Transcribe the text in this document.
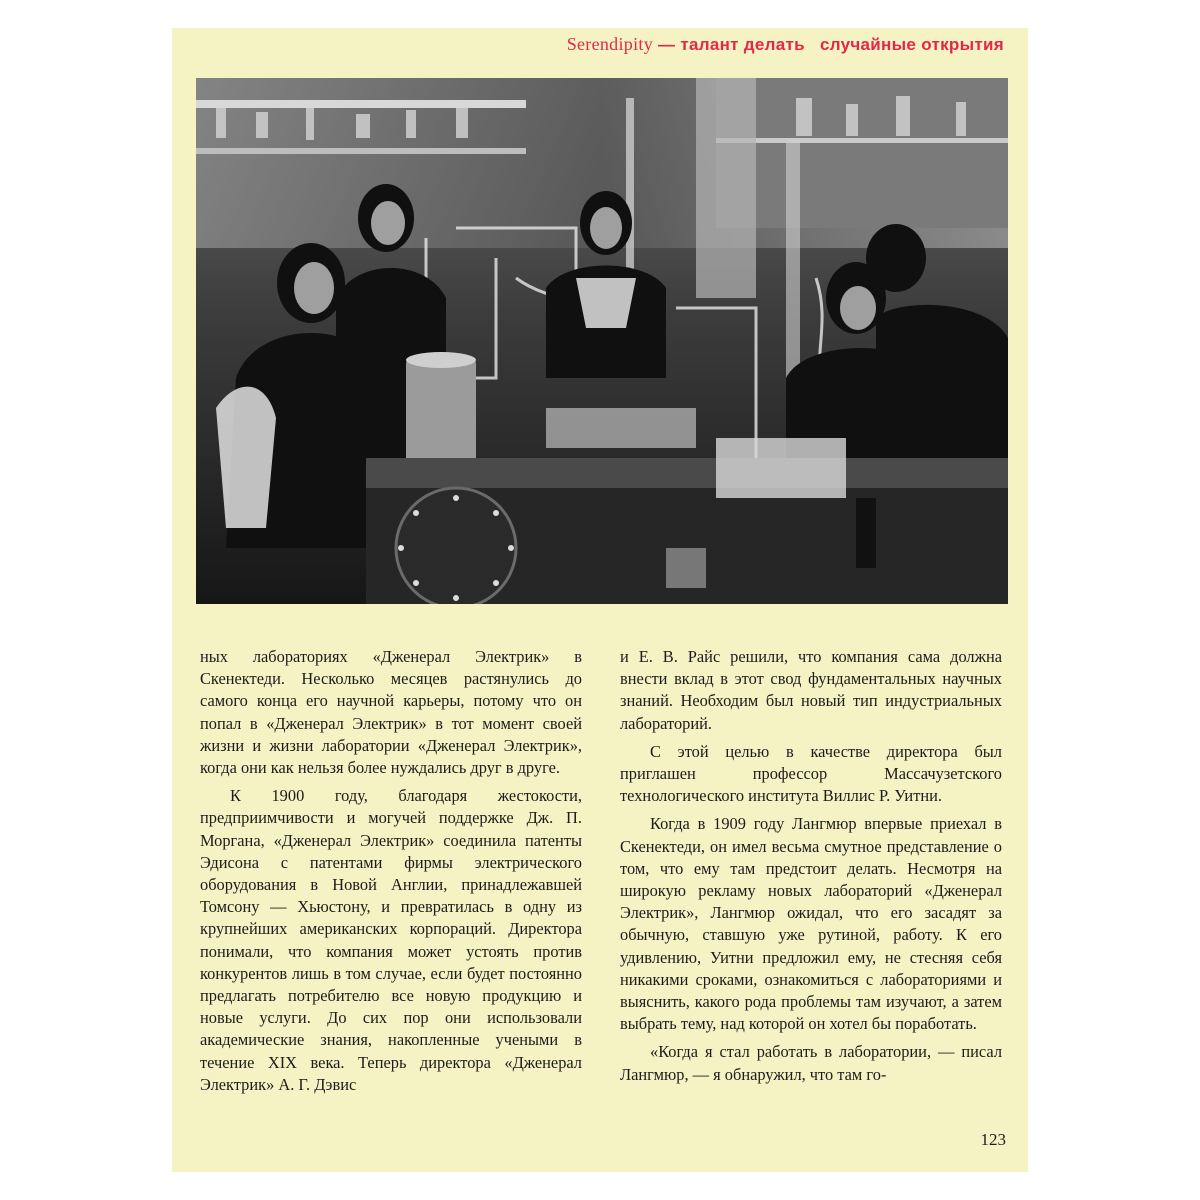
Serendipity — талант делать случайные открытия

ных лабораториях «Дженерал Электрик» в Скенектеди. Несколько месяцев растянулись до самого конца его научной карьеры, потому что он попал в «Дженерал Электрик» в тот момент своей жизни и жизни лаборатории «Дженерал Электрик», когда они как нельзя более нуждались друг в друге.

К 1900 году, благодаря жестокости, предприимчивости и могучей поддержке Дж. П. Моргана, «Дженерал Электрик» соединила патенты Эдисона с патентами фирмы электрического оборудования в Новой Англии, принадлежавшей Томсону — Хьюстону, и превратилась в одну из крупнейших американских корпораций. Директора понимали, что компания может устоять против конкурентов лишь в том случае, если будет постоянно предлагать потребителю все новую продукцию и новые услуги. До сих пор они использовали академические знания, накопленные учеными в течение XIX века. Теперь директора «Дженерал Электрик» А. Г. Дэвис

и Е. В. Райс решили, что компания сама должна внести вклад в этот свод фундаментальных научных знаний. Необходим был новый тип индустриальных лабораторий.

С этой целью в качестве директора был приглашен профессор Массачузетского технологического института Виллис Р. Уитни.

Когда в 1909 году Лангмюр впервые приехал в Скенектеди, он имел весьма смутное представление о том, что ему там предстоит делать. Несмотря на широкую рекламу новых лабораторий «Дженерал Электрик», Лангмюр ожидал, что его засадят за обычную, ставшую уже рутиной, работу. К его удивлению, Уитни предложил ему, не стесняя себя никакими сроками, ознакомиться с лабораториями и выяснить, какого рода проблемы там изучают, а затем выбрать тему, над которой он хотел бы поработать.

«Когда я стал работать в лаборатории, — писал Лангмюр, — я обнаружил, что там го-

123
